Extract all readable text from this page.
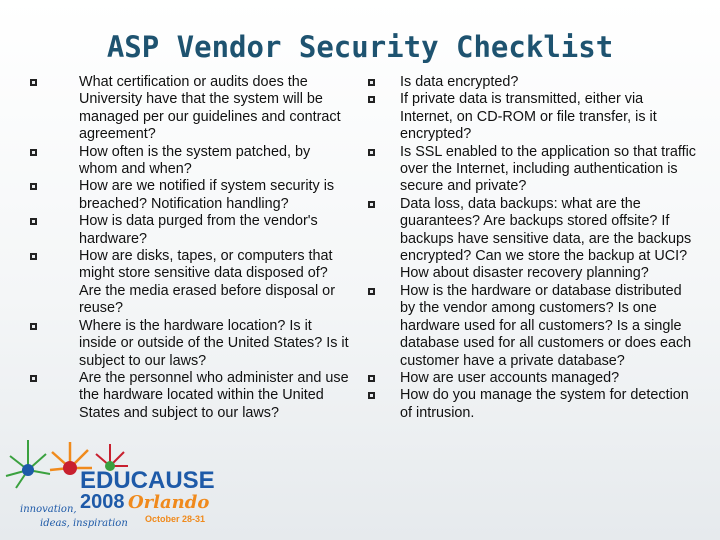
ASP Vendor Security Checklist
What certification or audits does the University have that the system will be managed per our guidelines and contract agreement?
How often is the system patched, by whom and when?
How are we notified if system security is breached? Notification handling?
How is data purged from the vendor's hardware?
How are disks, tapes, or computers that might store sensitive data disposed of? Are the media erased before disposal or reuse?
Where is the hardware location? Is it inside or outside of the United States? Is it subject to our laws?
Are the personnel who administer and use the hardware located within the United States and subject to our laws?
Is data encrypted?
If private data is transmitted, either via Internet, on CD-ROM or file transfer, is it encrypted?
Is SSL enabled to the application so that traffic over the Internet, including authentication is secure and private?
Data loss, data backups: what are the guarantees? Are backups stored offsite? If backups have sensitive data, are the backups encrypted? Can we store the backup at UCI? How about disaster recovery planning?
How is the hardware or database distributed by the vendor among customers? Is one hardware used for all customers? Is a single database used for all customers or does each customer have a private database?
How are user accounts managed?
How do you manage the system for detection of intrusion.
EDUCAUSE
2008 Orlando
October 28-31
innovation,
ideas, inspiration
